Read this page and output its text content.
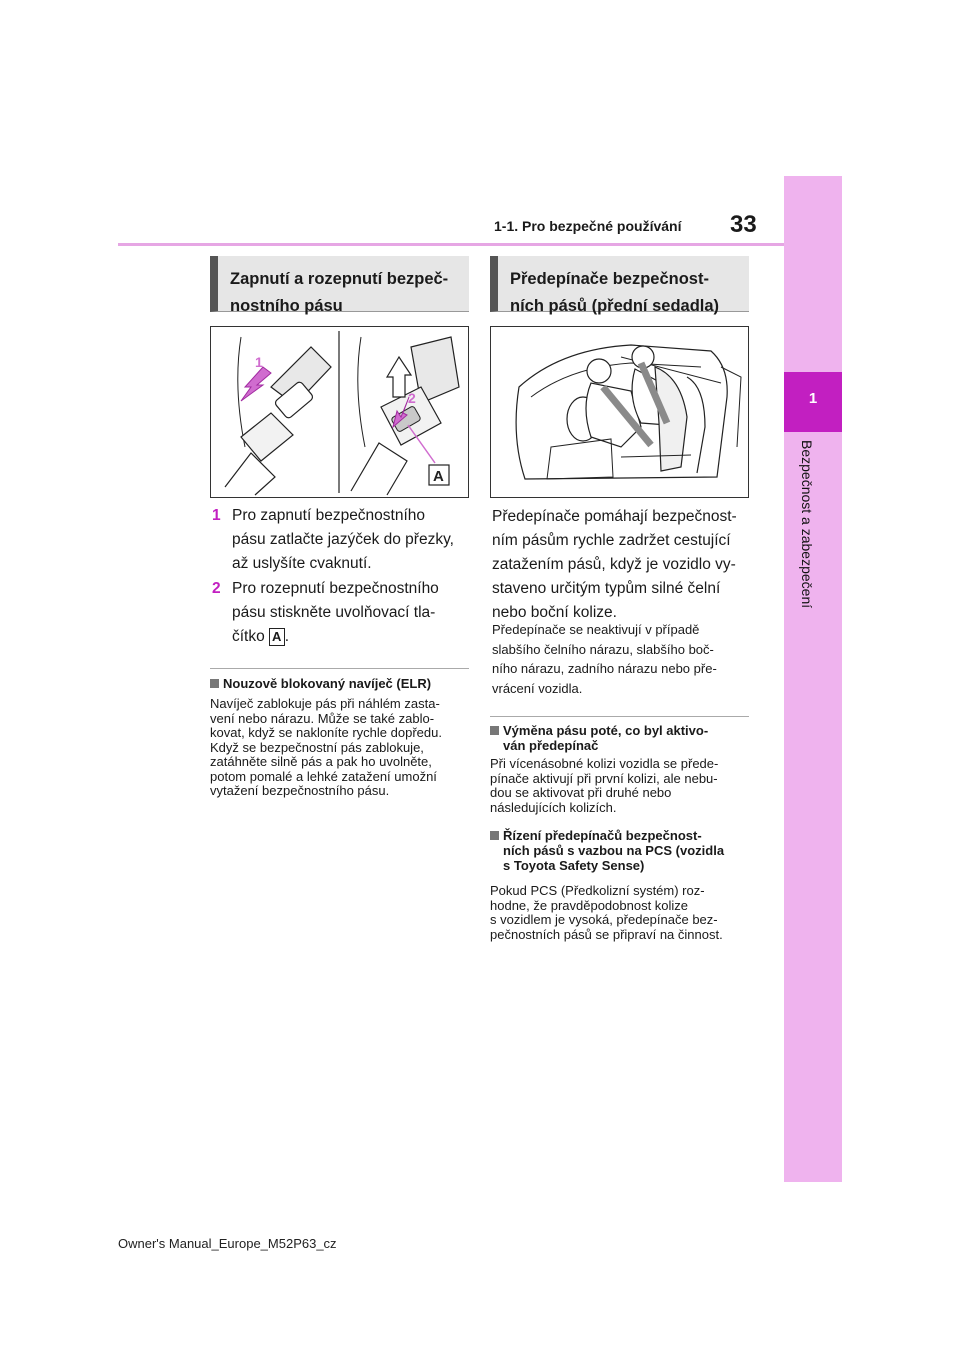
1
Bezpečnost a zabezpečení
1-1. Pro bezpečné používání 33
Zapnutí a rozepnutí bezpeč-
nostního pásu
Předepínače bezpečnost-
ních pásů (přední sedadla)
1
2
A
1 Pro zapnutí bezpečnostního
pásu zatlačte jazýček do přezky,
až uslyšíte cvaknutí.
2 Pro rozepnutí bezpečnostního
pásu stiskněte uvolňovací tla-
čítko A .
Nouzově blokovaný navíječ (ELR)
Navíječ zablokuje pás při náhlém zasta-
vení nebo nárazu. Může se také zablo-
kovat, když se nakloníte rychle dopředu.
Když se bezpečnostní pás zablokuje,
zatáhněte silně pás a pak ho uvolněte,
potom pomalé a lehké zatažení umožní
vytažení bezpečnostního pásu.
Předepínače pomáhají bezpečnost-
ním pásům rychle zadržet cestující
zatažením pásů, když je vozidlo vy-
staveno určitým typům silné čelní
nebo boční kolize.
Předepínače se neaktivují v případě
slabšího čelního nárazu, slabšího boč-
ního nárazu, zadního nárazu nebo pře-
vrácení vozidla.
Výměna pásu poté, co byl aktivo-
ván předepínač
Při vícenásobné kolizi vozidla se přede-
pínače aktivují při první kolizi, ale nebu-
dou se aktivovat při druhé nebo
následujících kolizích.
Řízení předepínačů bezpečnost-
ních pásů s vazbou na PCS (vozidla
s Toyota Safety Sense)
Pokud PCS (Předkolizní systém) roz-
hodne, že pravděpodobnost kolize
s vozidlem je vysoká, předepínače bez-
pečnostních pásů se připraví na činnost.
Owner's Manual_Europe_M52P63_cz
